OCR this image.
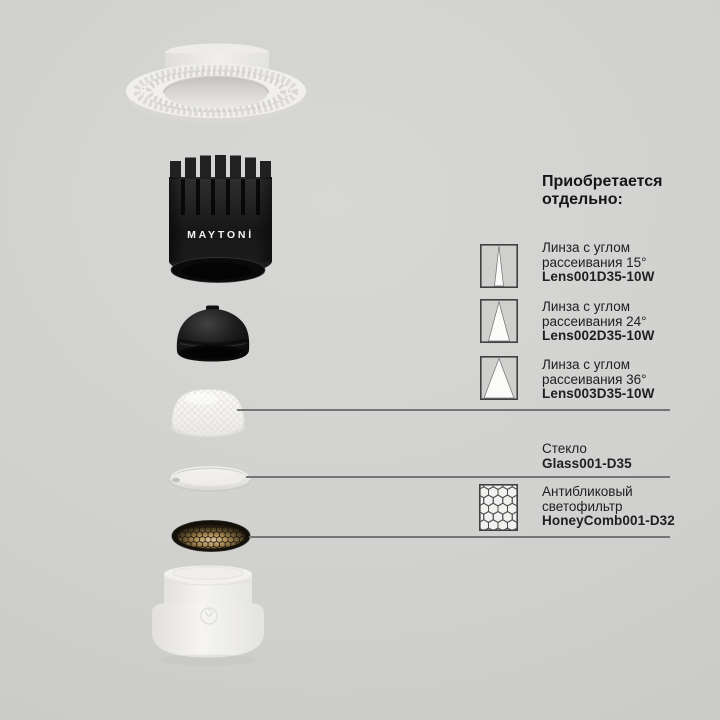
MAYTONİ
Приобретается
отдельно:
Линза с углом
рассеивания 15°
Lens001D35-10W
Линза с углом
рассеивания 24°
Lens002D35-10W
Линза с углом
рассеивания 36°
Lens003D35-10W
Стекло
Glass001-D35
Антибликовый
светофильтр
HoneyComb001-D32
